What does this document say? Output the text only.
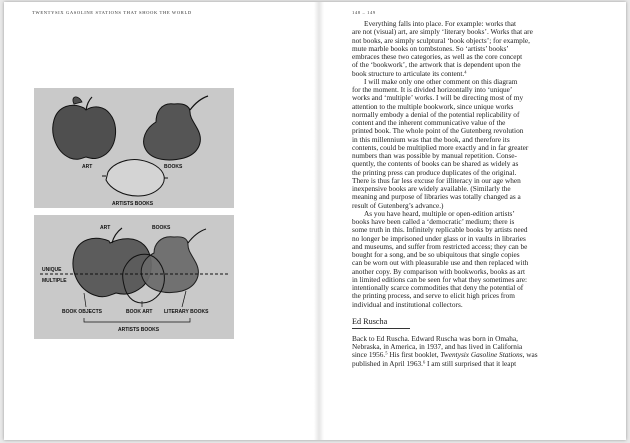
TWENTYSIX GASOLINE STATIONS THAT SHOOK THE WORLD	148 – 149
ART	BOOKS
ARTISTS BOOKS
ART	BOOKS
UNIQUE
MULTIPLE
BOOK OBJECTS	BOOK ART LITERARY BOOKS
ARTISTS BOOKS

Everything falls into place. For example: works that

are not (visual) art, are simply ‘literary books’. Works that are

not books, are simply sculptural ‘book objects’; for example,

mute marble books on tombstones. So ‘artists’ books’

embraces these two categories, as well as the core concept

of the ‘bookwork’, the artwork that is dependent upon the

book structure to articulate its content.$^4$

I will make only one other comment on this diagram

for the moment. It is divided horizontally into ‘unique’

works and ‘multiple’ works. I will be directing most of my

attention to the multiple bookwork, since unique works

normally embody a denial of the potential replicability of

content and the inherent communicative value of the

printed book. The whole point of the Gutenberg revolution

in this millennium was that the book, and therefore its

contents, could be multiplied more exactly and in far greater

numbers than was possible by manual repetition. Conse-

quently, the contents of books can be shared as widely as

the printing press can produce duplicates of the original.

There is thus far less excuse for illiteracy in our age when

inexpensive books are widely available. (Similarly the

meaning and purpose of libraries was totally changed as a

result of Gutenberg’s advance.)

As you have heard, multiple or open-edition artists’

books have been called a ‘democratic’ medium; there is

some truth in this. Infinitely replicable books by artists need

no longer be imprisoned under glass or in vaults in libraries

and museums, and suffer from restricted access; they can be

bought for a song, and be so ubiquitous that single copies

can be worn out with pleasurable use and then replaced with

another copy. By comparison with bookworks, books as art

in limited editions can be seen for what they sometimes are:

intentionally scarce commodities that deny the potential of

the printing process, and serve to elicit high prices from

individual and institutional collectors.

Ed Ruscha

Back to Ed Ruscha. Edward Ruscha was born in Omaha,

Nebraska, in America, in 1937, and has lived in California

since 1956.$^5$ His first booklet, Twentysix Gasoline Stations, was

published in April 1963.$^6$ I am still surprised that it leapt
